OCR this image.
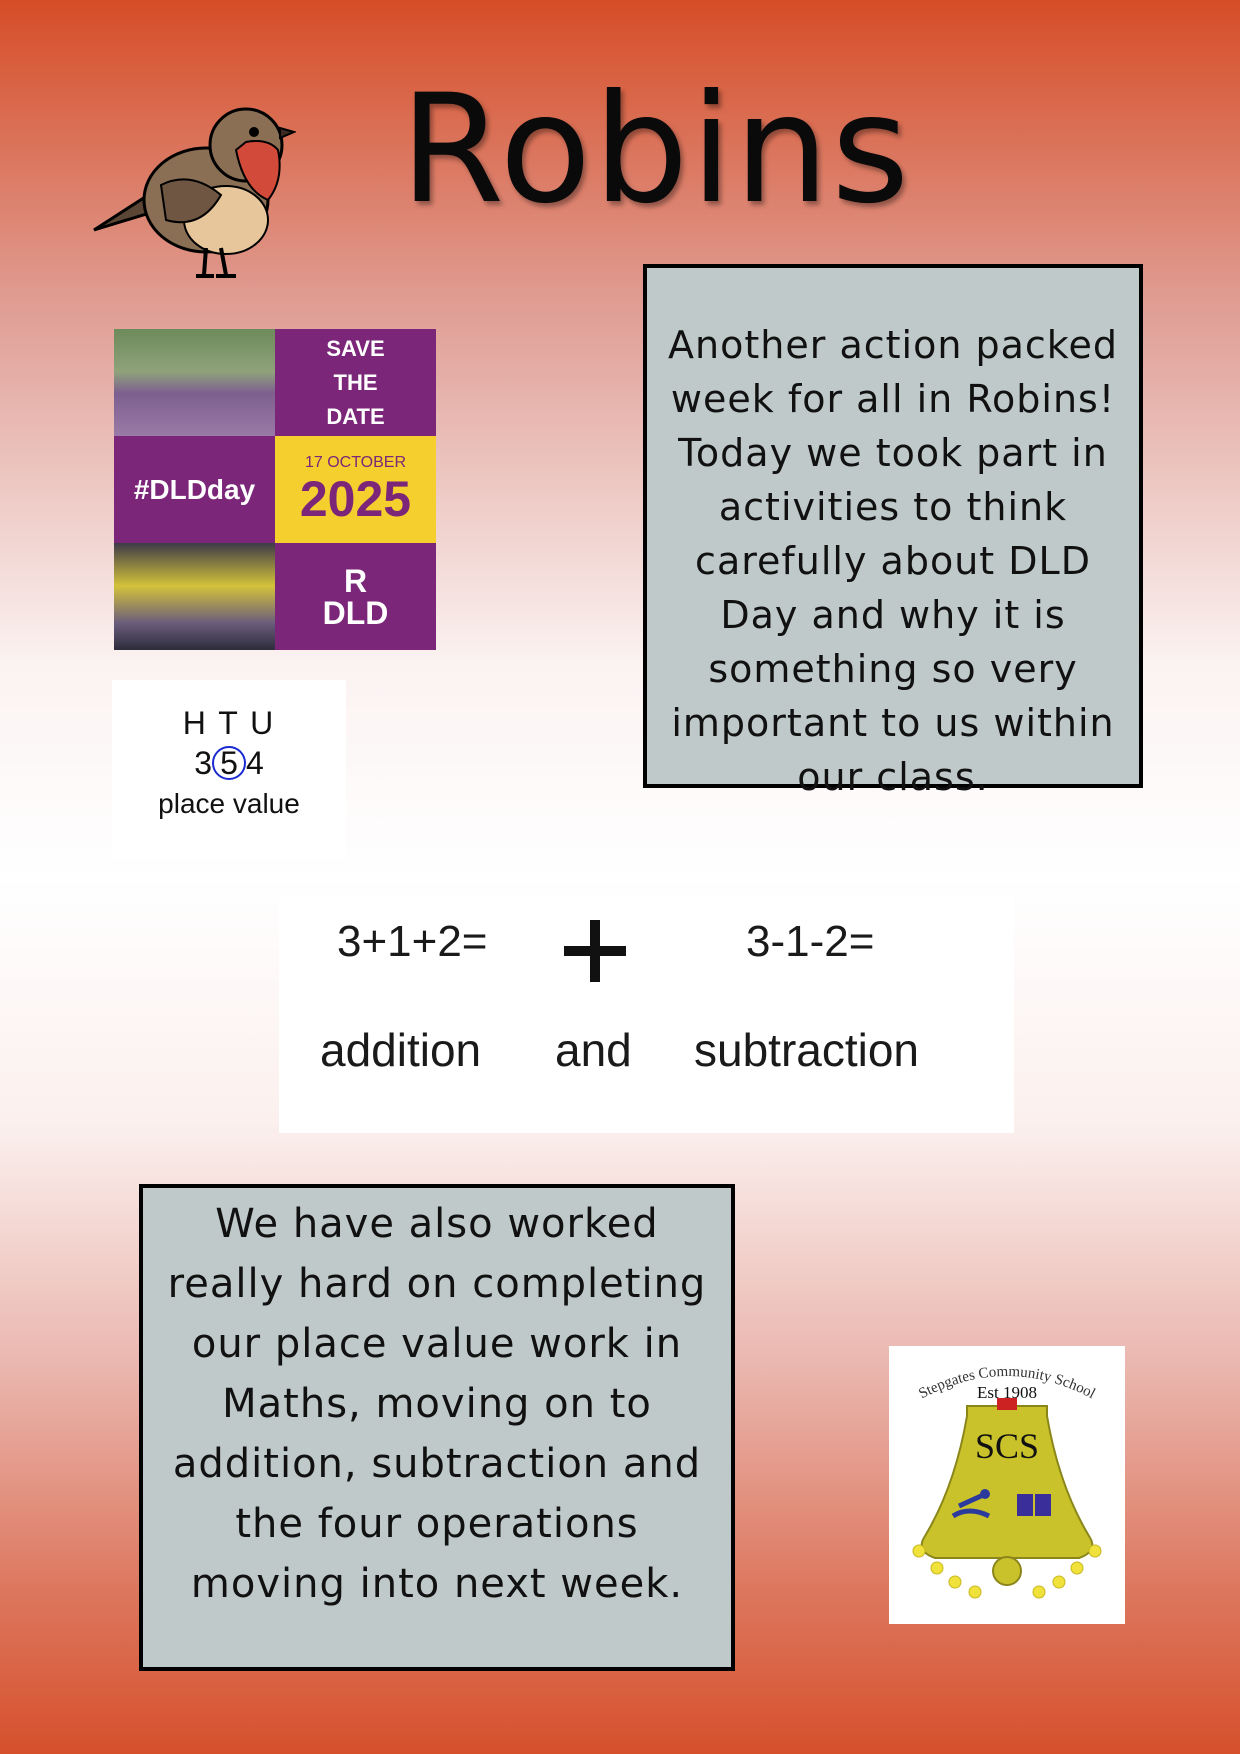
Robins
SAVE
THE
DATE
#DLDday
17 OCTOBER
2025
R
DLD
H T U
3 5 4
place value
Another action packed week for all in Robins! Today we took part in activities to think carefully about DLD Day and why it is something so very important to us within our class.
3+1+2=	3-1-2=
addition and subtraction
We have also worked really hard on completing our place value work in Maths, moving on to addition, subtraction and the four operations moving into next week.
Stepgates Community School
Est 1908
SCS
